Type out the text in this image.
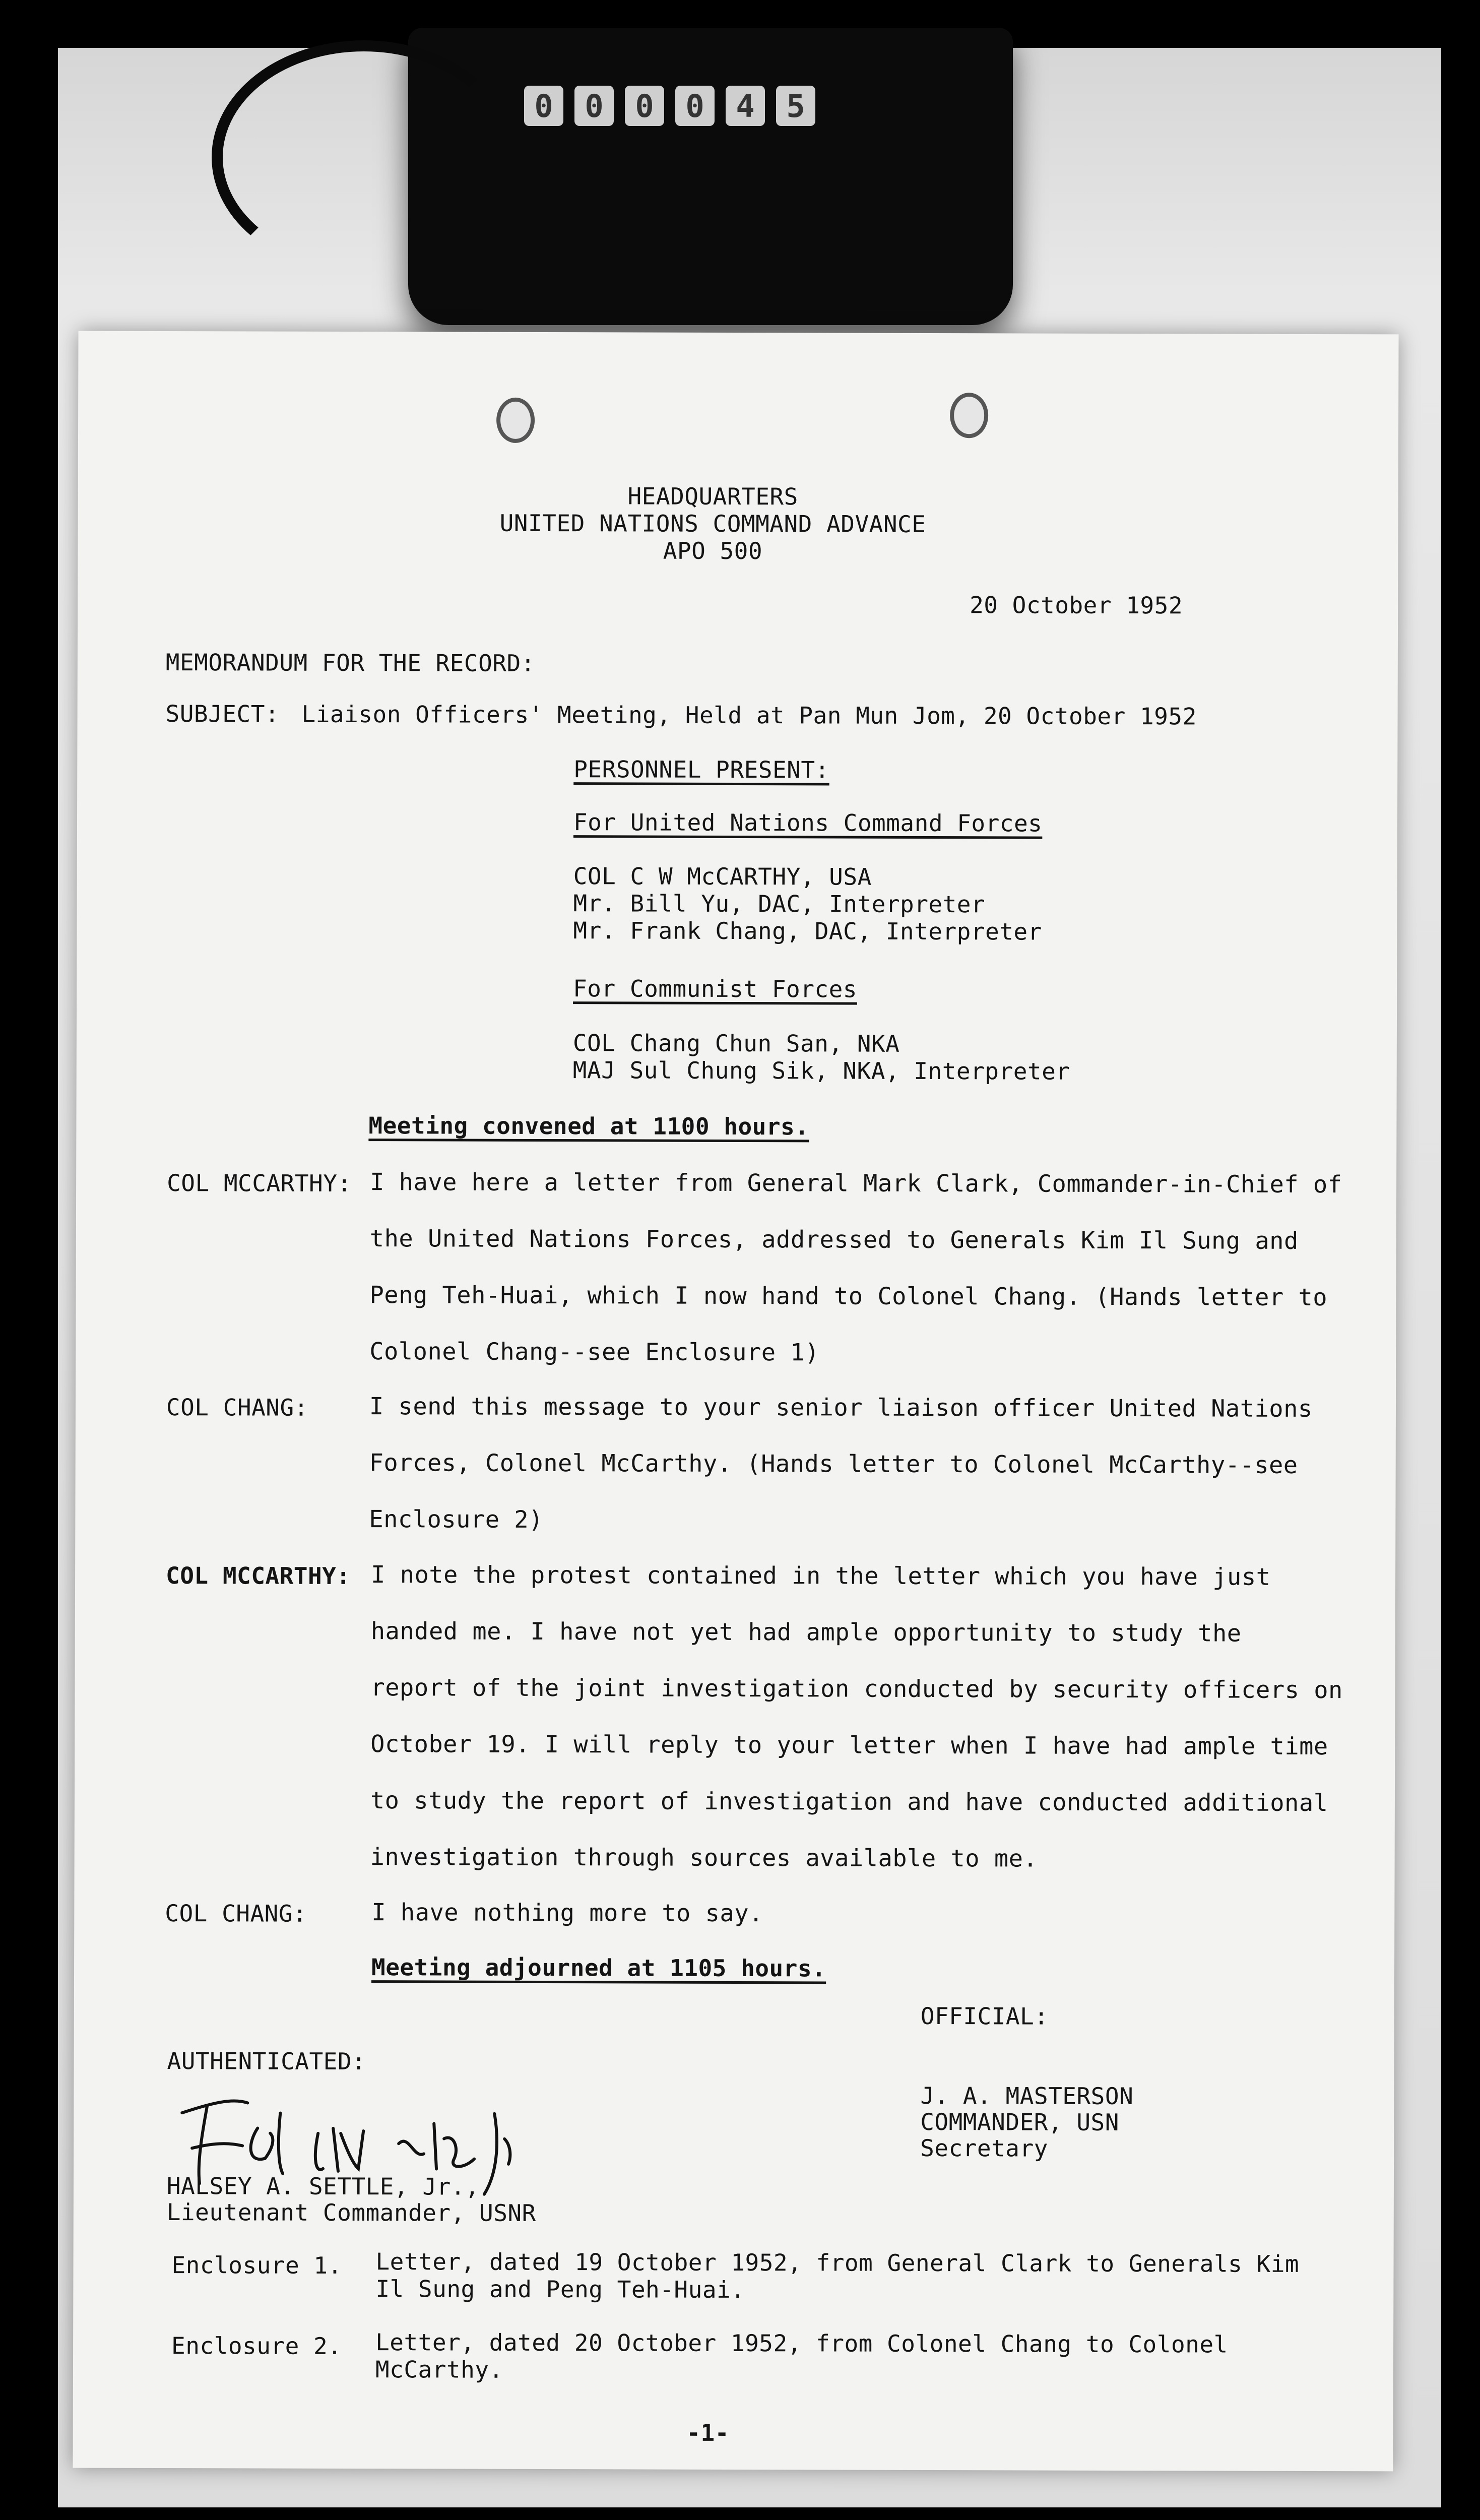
0	0	0	0	4	5
HEADQUARTERS
UNITED NATIONS COMMAND ADVANCE
APO 500
20 October 1952
MEMORANDUM FOR THE RECORD:
SUBJECT: Liaison Officers' Meeting, Held at Pan Mun Jom, 20 October 1952
PERSONNEL PRESENT:
For United Nations Command Forces
COL C W McCARTHY, USA
Mr. Bill Yu, DAC, Interpreter
Mr. Frank Chang, DAC, Interpreter
For Communist Forces
COL Chang Chun San, NKA
MAJ Sul Chung Sik, NKA, Interpreter
Meeting convened at 1100 hours.
COL MCCARTHY: I have here a letter from General Mark Clark, Commander-in-Chief of
the United Nations Forces, addressed to Generals Kim Il Sung and
Peng Teh-Huai, which I now hand to Colonel Chang. (Hands letter to
Colonel Chang--see Enclosure 1)
COL CHANG:	I send this message to your senior liaison officer United Nations
Forces, Colonel McCarthy. (Hands letter to Colonel McCarthy--see
Enclosure 2)
COL MCCARTHY: I note the protest contained in the letter which you have just
handed me. I have not yet had ample opportunity to study the
report of the joint investigation conducted by security officers on
October 19. I will reply to your letter when I have had ample time
to study the report of investigation and have conducted additional
investigation through sources available to me.
COL CHANG:	I have nothing more to say.
Meeting adjourned at 1105 hours.
OFFICIAL:
J. A. MASTERSON
COMMANDER, USN
Secretary
AUTHENTICATED:
HALSEY A. SETTLE, Jr.,
Lieutenant Commander, USNR
Enclosure 1. Letter, dated 19 October 1952, from General Clark to Generals Kim
Il Sung and Peng Teh-Huai.
Enclosure 2. Letter, dated 20 October 1952, from Colonel Chang to Colonel
McCarthy.
-1-
